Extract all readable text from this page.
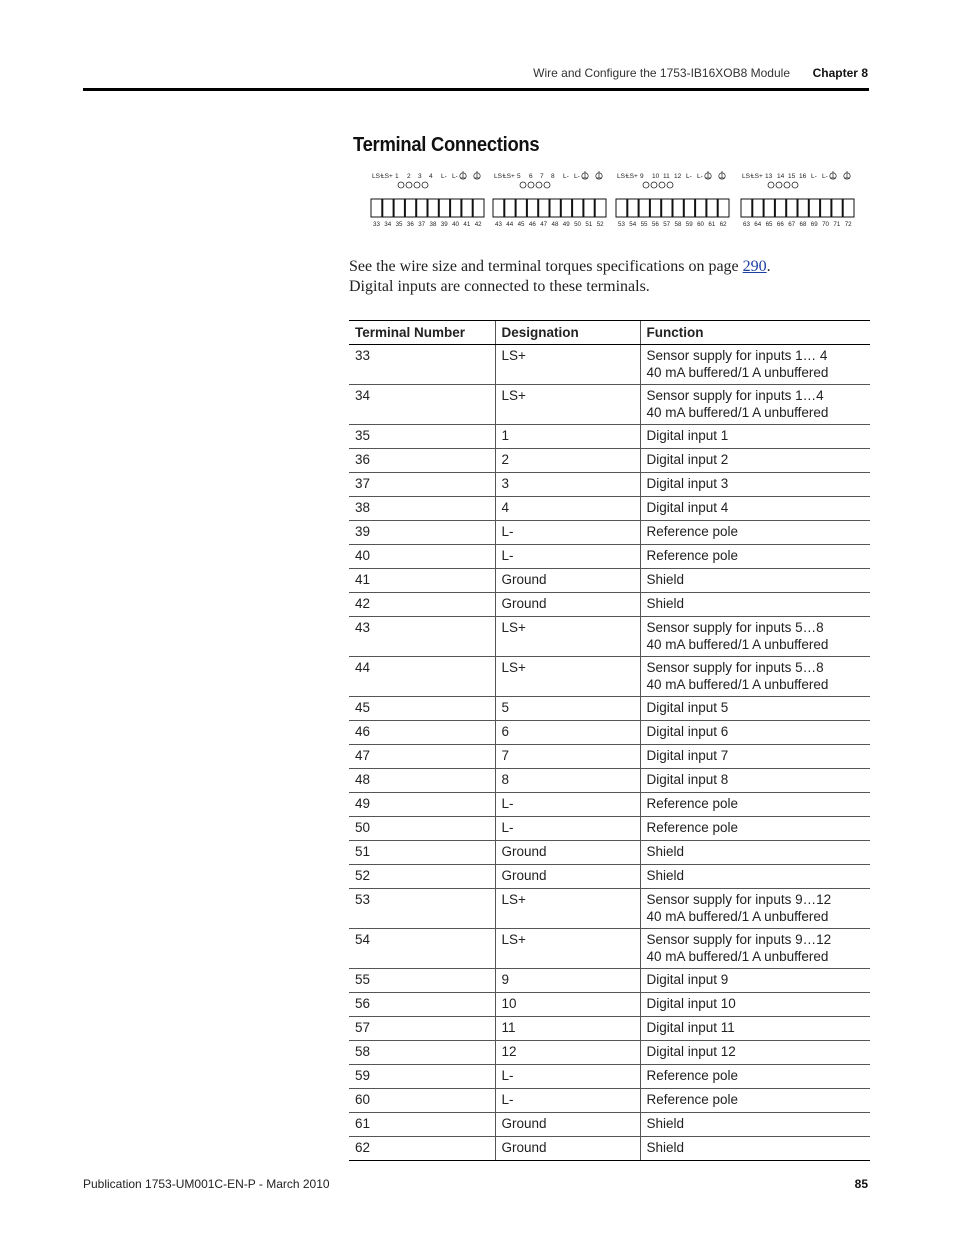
Wire and Configure the 1753-IB16XOB8 Module	Chapter 8
Terminal Connections
LS+
LS+ 1 2 3 4 L- L-
33 34 35 36 37 38 39 40 41 42
LS+
LS+ 5 6 7 8 L- L-
43 44 45 46 47 48 49 50 51 52
LS+
LS+ 9 10 11 12 L- L-
53 54 55 56 57 58 59 60 61 62
LS+
LS+ 13 14 15 16 L- L-
63 64 65 66 67 68 69 70 71 72
See the wire size and terminal torques specifications on page 290.
Digital inputs are connected to these terminals.
Terminal Number	Designation	Function
33	LS+	Sensor supply for inputs 1… 4
40 mA buffered/1 A unbuffered
34	LS+	Sensor supply for inputs 1…4
40 mA buffered/1 A unbuffered
35	1	Digital input 1
36	2	Digital input 2
37	3	Digital input 3
38	4	Digital input 4
39	L-	Reference pole
40	L-	Reference pole
41	Ground	Shield
42	Ground	Shield
43	LS+	Sensor supply for inputs 5…8
40 mA buffered/1 A unbuffered
44	LS+	Sensor supply for inputs 5…8
40 mA buffered/1 A unbuffered
45	5	Digital input 5
46	6	Digital input 6
47	7	Digital input 7
48	8	Digital input 8
49	L-	Reference pole
50	L-	Reference pole
51	Ground	Shield
52	Ground	Shield
53	LS+	Sensor supply for inputs 9…12
40 mA buffered/1 A unbuffered
54	LS+	Sensor supply for inputs 9…12
40 mA buffered/1 A unbuffered
55	9	Digital input 9
56	10	Digital input 10
57	11	Digital input 11
58	12	Digital input 12
59	L-	Reference pole
60	L-	Reference pole
61	Ground	Shield
62	Ground	Shield
Publication 1753-UM001C-EN-P - March 2010	85
